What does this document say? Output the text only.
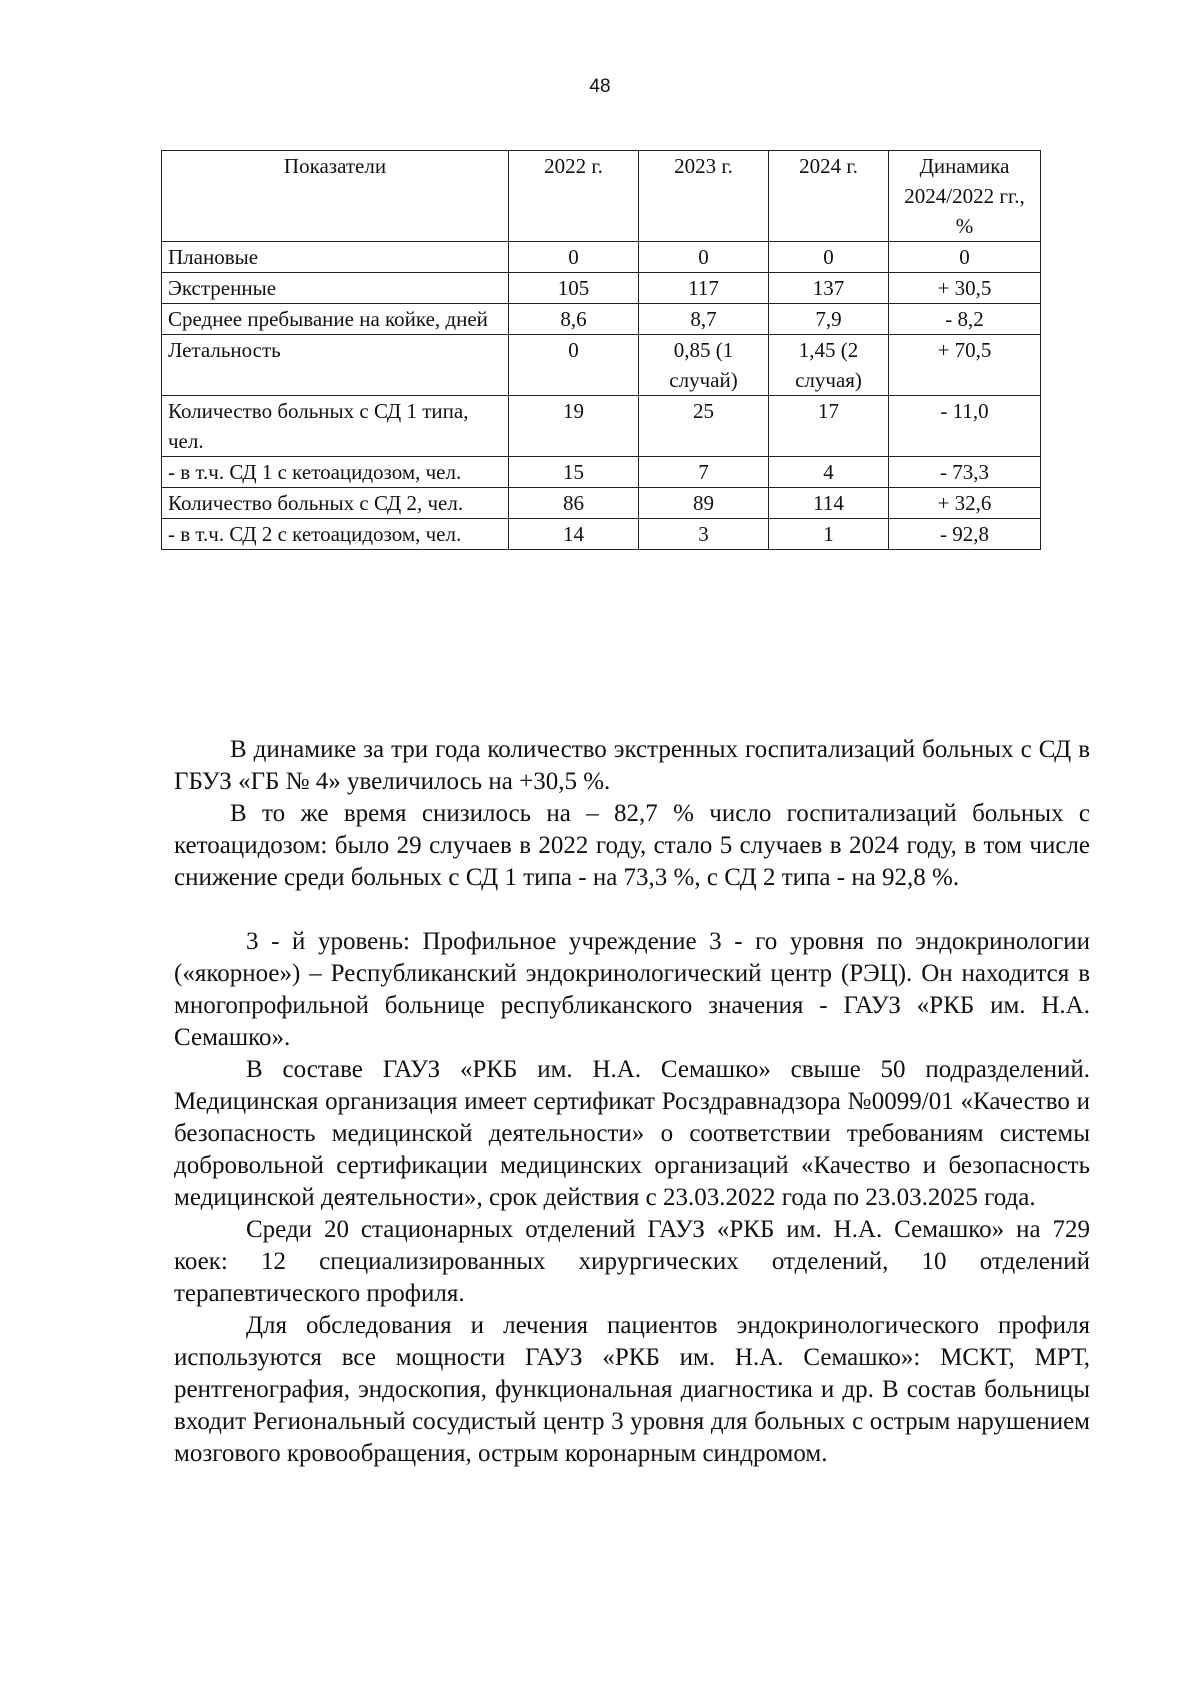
48
Показатели	2022 г.	2023 г.	2024 г.	Динамика 2024/2022 гг., %
Плановые	0	0	0	0
Экстренные	105	117	137	+ 30,5
Среднее пребывание на койке, дней	8,6	8,7	7,9	- 8,2
Летальность	0	0,85 (1 случай)	1,45 (2 случая)	+ 70,5
Количество больных с СД 1 типа, чел.	19	25	17	- 11,0
- в т.ч. СД 1 с кетоацидозом, чел.	15	7	4	- 73,3
Количество больных с СД 2, чел.	86	89	114	+ 32,6
- в т.ч. СД 2 с кетоацидозом, чел.	14	3	1	- 92,8

В динамике за три года количество экстренных госпитализаций больных с СД в ГБУЗ «ГБ № 4» увеличилось на +30,5 %.

В то же время снизилось на – 82,7 % число госпитализаций больных с кетоацидозом: было 29 случаев в 2022 году, стало 5 случаев в 2024 году, в том числе снижение среди больных с СД 1 типа - на 73,3 %, с СД 2 типа - на 92,8 %.

3 - й уровень: Профильное учреждение 3 - го уровня по эндокринологии («якорное») – Республиканский эндокринологический центр (РЭЦ). Он находится в многопрофильной больнице республиканского значения - ГАУЗ «РКБ им. Н.А. Семашко».

В составе ГАУЗ «РКБ им. Н.А. Семашко» свыше 50 подразделений. Медицинская организация имеет сертификат Росздравнадзора №0099/01 «Качество и безопасность медицинской деятельности» о соответствии требованиям системы добровольной сертификации медицинских организаций «Качество и безопасность медицинской деятельности», срок действия с 23.03.2022 года по 23.03.2025 года.

Среди 20 стационарных отделений ГАУЗ «РКБ им. Н.А. Семашко» на 729 коек: 12 специализированных хирургических отделений, 10 отделений терапевтического профиля.

Для обследования и лечения пациентов эндокринологического профиля используются все мощности ГАУЗ «РКБ им. Н.А. Семашко»: МСКТ, МРТ, рентгенография, эндоскопия, функциональная диагностика и др. В состав больницы входит Региональный сосудистый центр 3 уровня для больных с острым нарушением мозгового кровообращения, острым коронарным синдромом.
